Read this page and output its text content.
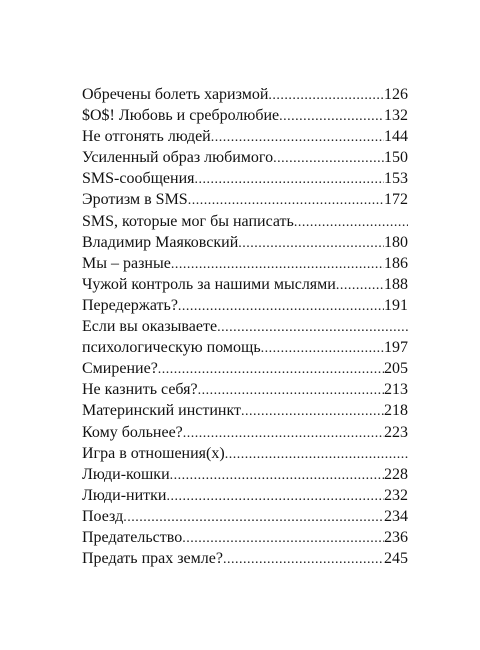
Обречены болеть харизмой .....	126
$O$! Любовь и сребролюбие .....	132
Не отгонять людей .....	144
Усиленный образ любимого .....	150
SMS-сообщения .....	153
Эротизм в SMS .....	172
SMS, которые мог бы написать
.....
Владимир Маяковский .....	180
Мы – разные .....	186
Чужой контроль за нашими мыслями .....	188
Передержать? .....	191
Если вы оказываете
.....
психологическую помощь .....	197
Смирение? .....	205
Не казнить себя? .....	213
Материнский инстинкт .....	218
Кому больнее? .....	223
Игра в отношения(х)
.....
Люди-кошки .....	228
Люди-нитки .....	232
Поезд .....	234
Предательство .....	236
Предать прах земле? .....	245
